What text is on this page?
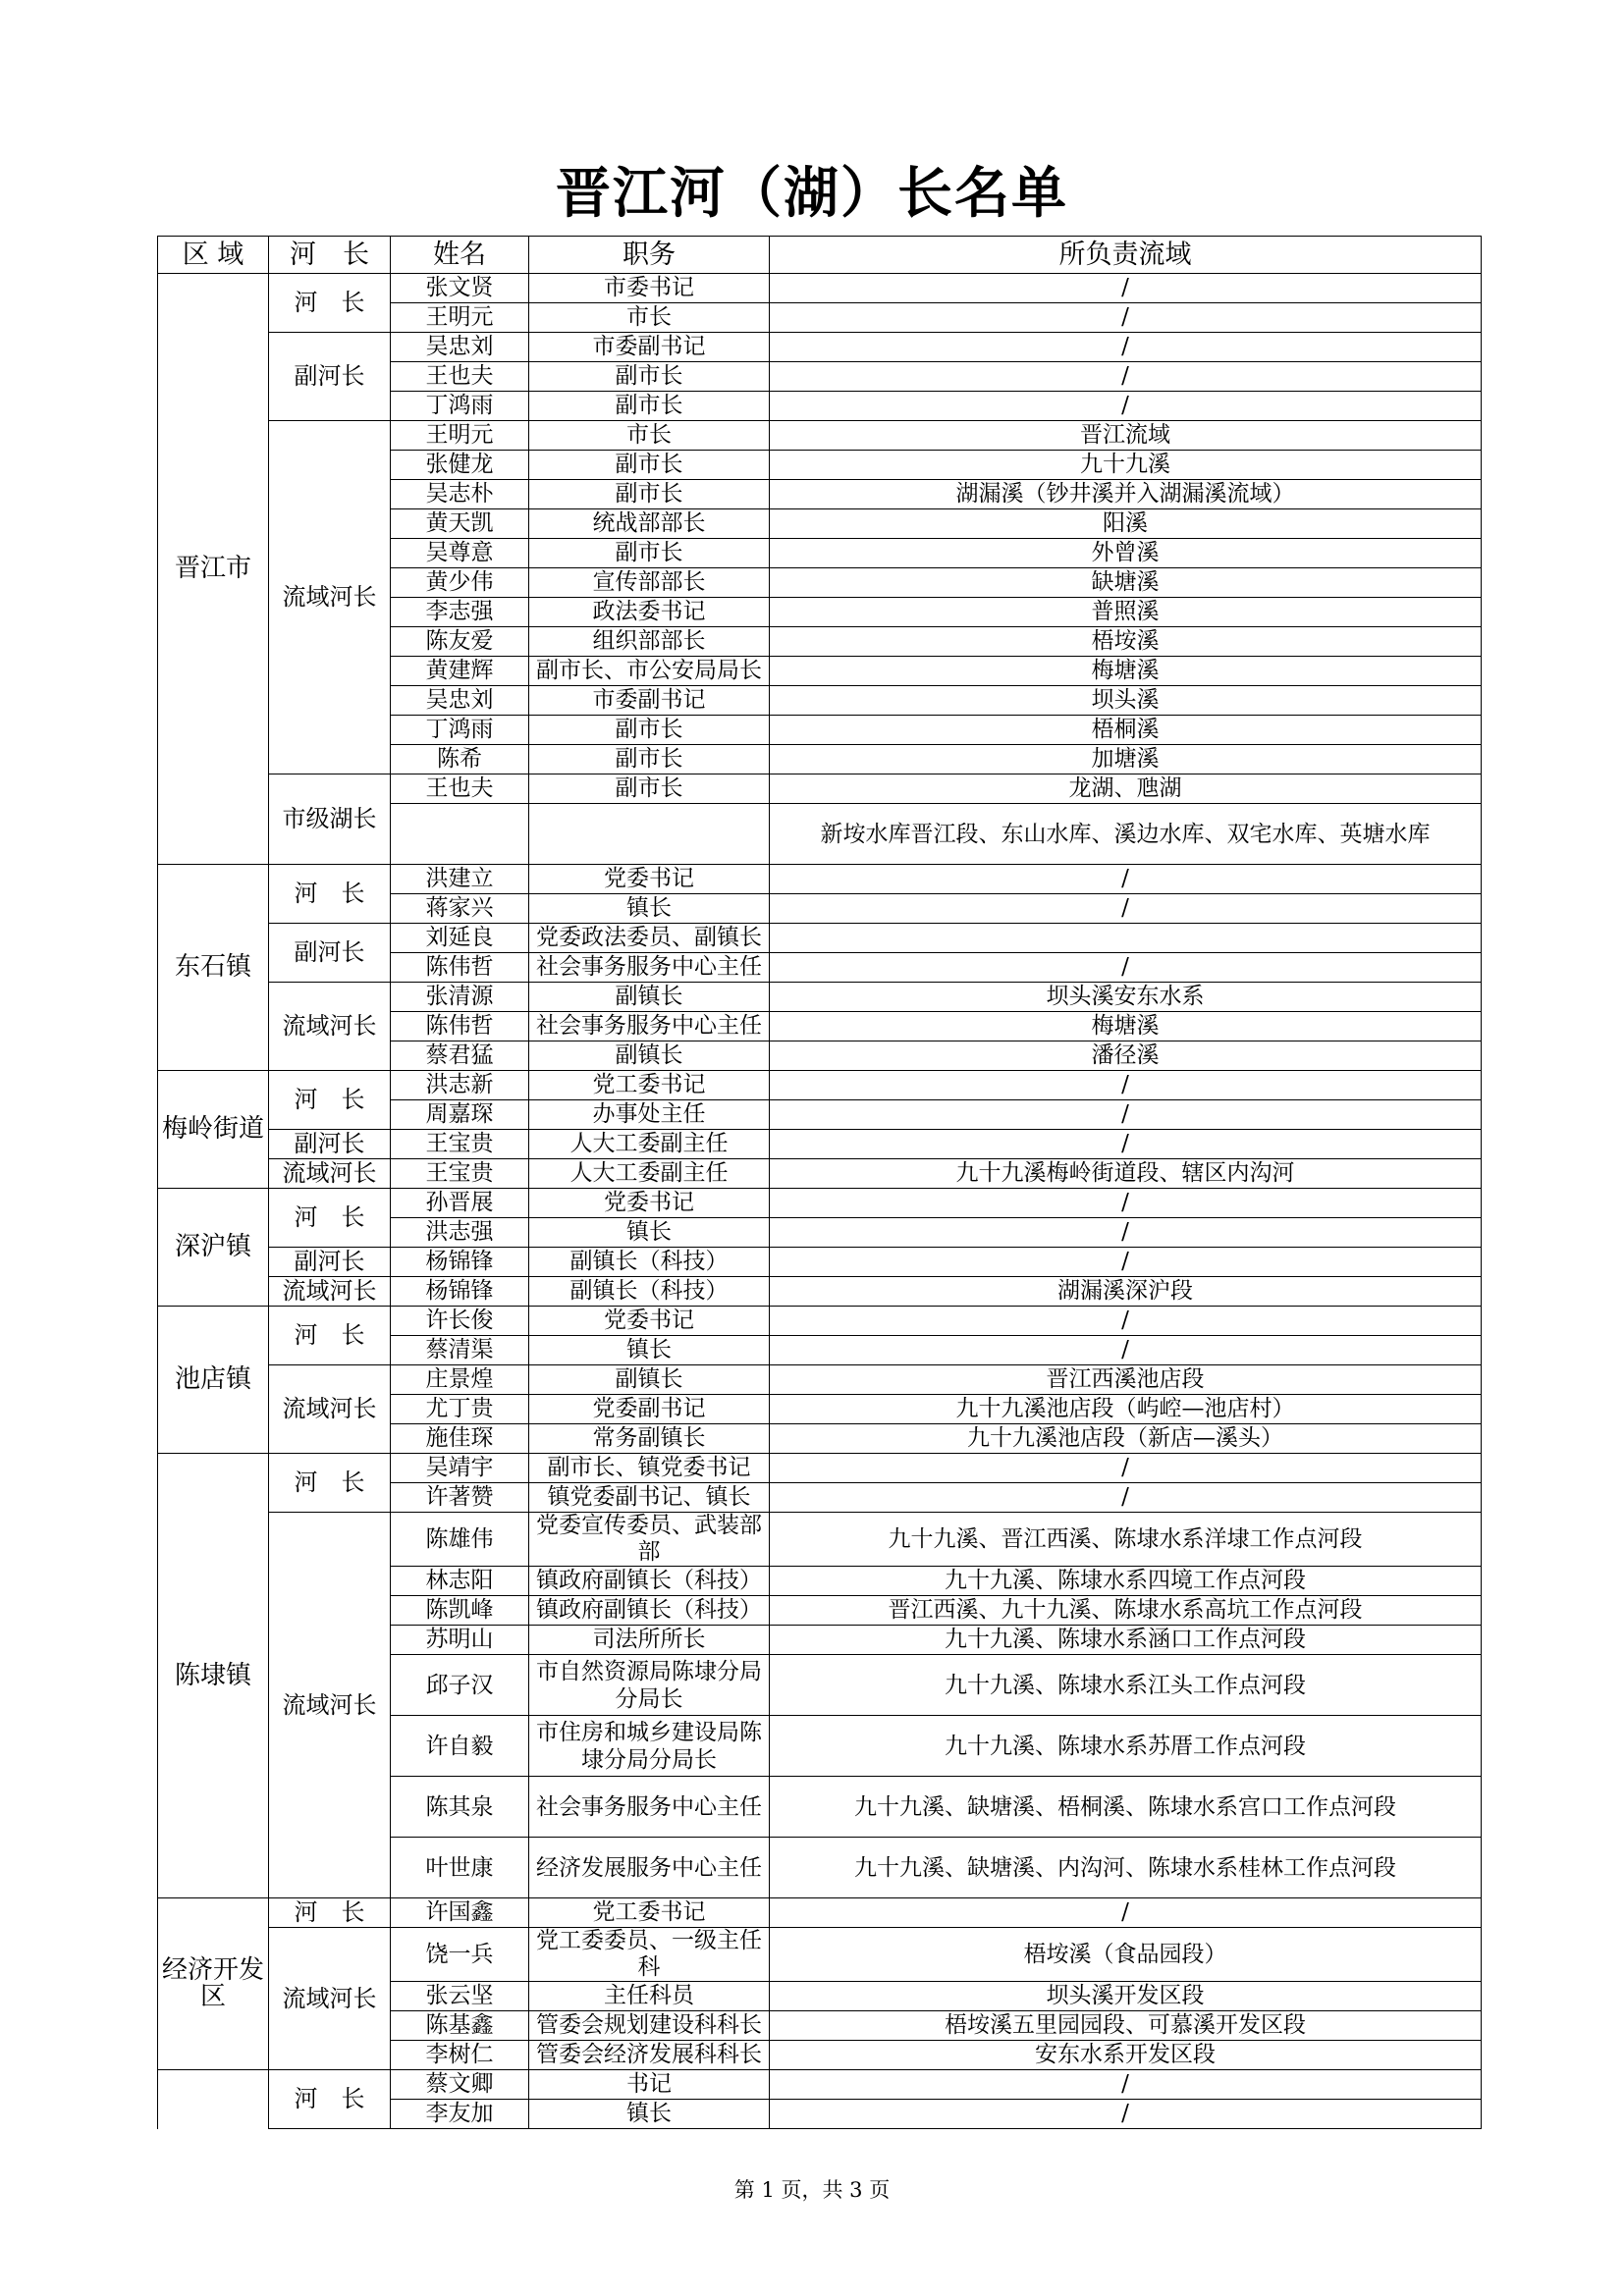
晋江河（湖）长名单
区 域	河　长	姓名	职务	所负责流域
晋江市	河　长	张文贤	市委书记	/
		王明元	市长	/
	副河长	吴忠刘	市委副书记	/
		王也夫	副市长	/
		丁鸿雨	副市长	/
	流域河长	王明元	市长	晋江流域
		张健龙	副市长	九十九溪
		吴志朴	副市长	湖漏溪（钞井溪并入湖漏溪流域）
		黄天凯	统战部部长	阳溪
		吴尊意	副市长	外曾溪
		黄少伟	宣传部部长	缺塘溪
		李志强	政法委书记	普照溪
		陈友爱	组织部部长	梧垵溪
		黄建辉	副市长、市公安局局长	梅塘溪
		吴忠刘	市委副书记	坝头溪
		丁鸿雨	副市长	梧桐溪
		陈希	副市长	加塘溪
	市级湖长	王也夫	副市长	龙湖、虺湖
				新垵水库晋江段、东山水库、溪边水库、双宅水库、英塘水库
东石镇	河　长	洪建立	党委书记	/
		蒋家兴	镇长	/
	副河长	刘延良	党委政法委员、副镇长	
		陈伟哲	社会事务服务中心主任	/
	流域河长	张清源	副镇长	坝头溪安东水系
		陈伟哲	社会事务服务中心主任	梅塘溪
		蔡君猛	副镇长	潘径溪
梅岭街道	河　长	洪志新	党工委书记	/
		周嘉琛	办事处主任	/
	副河长	王宝贵	人大工委副主任	/
	流域河长	王宝贵	人大工委副主任	九十九溪梅岭街道段、辖区内沟河
深沪镇	河　长	孙晋展	党委书记	/
		洪志强	镇长	/
	副河长	杨锦锋	副镇长（科技）	/
	流域河长	杨锦锋	副镇长（科技）	湖漏溪深沪段
池店镇	河　长	许长俊	党委书记	/
		蔡清渠	镇长	/
	流域河长	庄景煌	副镇长	晋江西溪池店段
		尤丁贵	党委副书记	九十九溪池店段（屿崆—池店村）
		施佳琛	常务副镇长	九十九溪池店段（新店—溪头）
陈埭镇	河　长	吴靖宇	副市长、镇党委书记	/
		许著赞	镇党委副书记、镇长	/
	流域河长	陈雄伟	党委宣传委员、武装部部	九十九溪、晋江西溪、陈埭水系洋埭工作点河段
		林志阳	镇政府副镇长（科技）	九十九溪、陈埭水系四境工作点河段
		陈凯峰	镇政府副镇长（科技）	晋江西溪、九十九溪、陈埭水系高坑工作点河段
		苏明山	司法所所长	九十九溪、陈埭水系涵口工作点河段
		邱子汉	市自然资源局陈埭分局分局长	九十九溪、陈埭水系江头工作点河段
		许自毅	市住房和城乡建设局陈埭分局分局长	九十九溪、陈埭水系苏厝工作点河段
		陈其泉	社会事务服务中心主任	九十九溪、缺塘溪、梧桐溪、陈埭水系宫口工作点河段
		叶世康	经济发展服务中心主任	九十九溪、缺塘溪、内沟河、陈埭水系桂林工作点河段
经济开发区	河　长	许国鑫	党工委书记	/
	流域河长	饶一兵	党工委委员、一级主任科	梧垵溪（食品园段）
		张云坚	主任科员	坝头溪开发区段
		陈基鑫	管委会规划建设科科长	梧垵溪五里园园段、可慕溪开发区段
		李树仁	管委会经济发展科科长	安东水系开发区段
	河　长	蔡文卿	书记	/
		李友加	镇长	/
第 1 页，共 3 页
